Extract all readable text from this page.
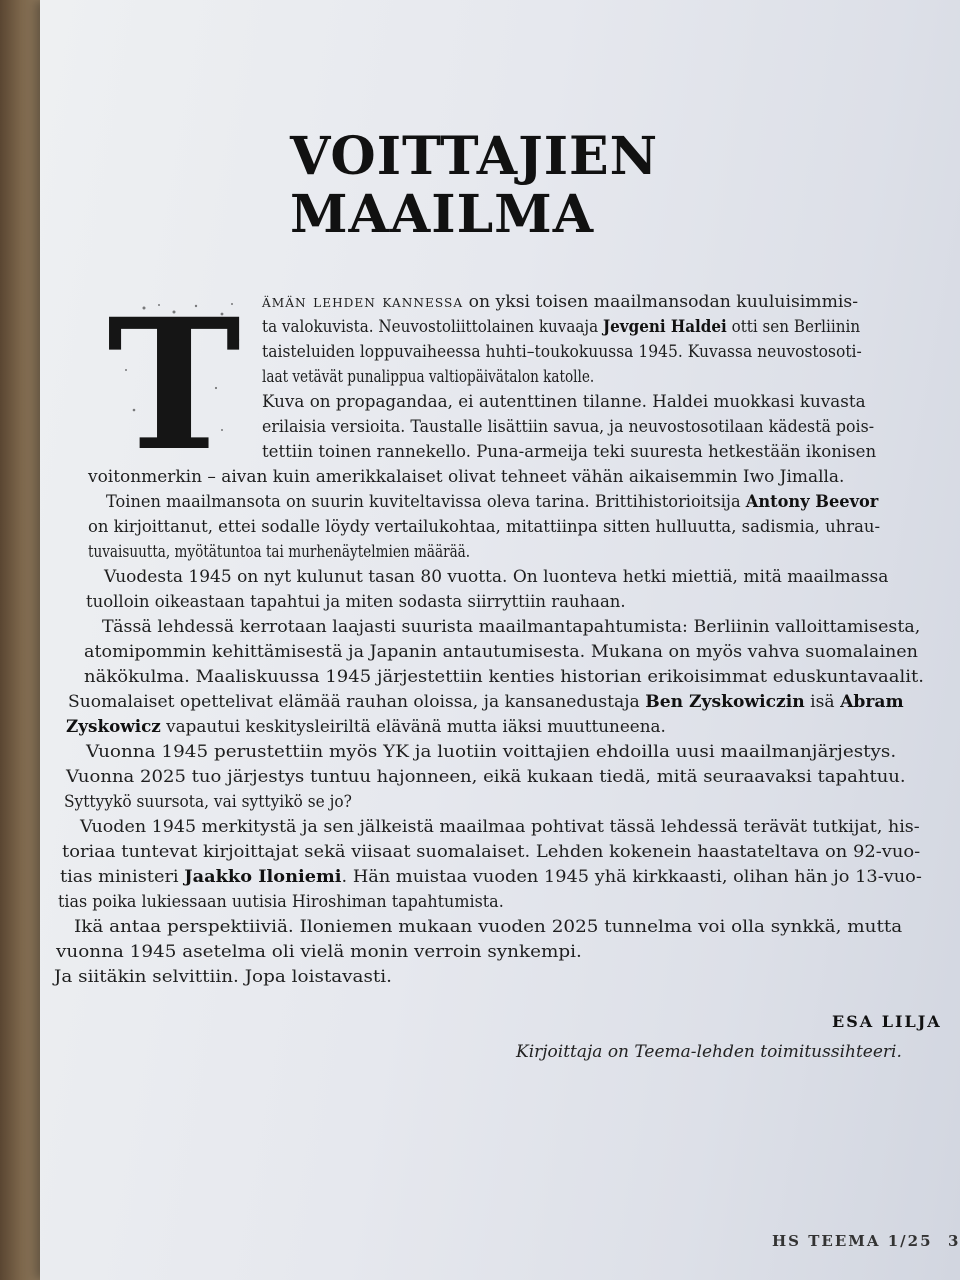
VOITTAJIEN
MAAILMA
T ämän lehden kannessa on yksi toisen maailmansodan kuuluisimmis-
ta valokuvista. Neuvostoliittolainen kuvaaja Jevgeni Haldei otti sen Berliinin
taisteluiden loppuvaiheessa huhti–toukokuussa 1945. Kuvassa neuvostosoti-
laat vetävät punalippua valtiopäivätalon katolle.
Kuva on propagandaa, ei autenttinen tilanne. Haldei muokkasi kuvasta
erilaisia versioita. Taustalle lisättiin savua, ja neuvostosotilaan kädestä pois-
tettiin toinen rannekello. Puna-armeija teki suuresta hetkestään ikonisen
voitonmerkin – aivan kuin amerikkalaiset olivat tehneet vähän aikaisemmin Iwo Jimalla.
Toinen maailmansota on suurin kuviteltavissa oleva tarina. Brittihistorioitsija Antony Beevor
on kirjoittanut, ettei sodalle löydy vertailukohtaa, mitattiinpa sitten hulluutta, sadismia, uhrau-
tuvaisuutta, myötätuntoa tai murhenäytelmien määrää.
Vuodesta 1945 on nyt kulunut tasan 80 vuotta. On luonteva hetki miettiä, mitä maailmassa
tuolloin oikeastaan tapahtui ja miten sodasta siirryttiin rauhaan.
Tässä lehdessä kerrotaan laajasti suurista maailmantapahtumista: Berliinin valloittamisesta,
atomipommin kehittämisestä ja Japanin antautumisesta. Mukana on myös vahva suomalainen
näkökulma. Maaliskuussa 1945 järjestettiin kenties historian erikoisimmat eduskuntavaalit.
Suomalaiset opettelivat elämää rauhan oloissa, ja kansanedustaja Ben Zyskowiczin isä Abram
Zyskowicz vapautui keskitysleiriltä elävänä mutta iäksi muuttuneena.
Vuonna 1945 perustettiin myös YK ja luotiin voittajien ehdoilla uusi maailmanjärjestys.
Vuonna 2025 tuo järjestys tuntuu hajonneen, eikä kukaan tiedä, mitä seuraavaksi tapahtuu.
Syttyykö suursota, vai syttyikö se jo?
Vuoden 1945 merkitystä ja sen jälkeistä maailmaa pohtivat tässä lehdessä terävät tutkijat, his-
toriaa tuntevat kirjoittajat sekä viisaat suomalaiset. Lehden kokenein haastateltava on 92-vuo-
tias ministeri Jaakko Iloniemi. Hän muistaa vuoden 1945 yhä kirkkaasti, olihan hän jo 13-vuo-
tias poika lukiessaan uutisia Hiroshiman tapahtumista.
Ikä antaa perspektiiviä. Iloniemen mukaan vuoden 2025 tunnelma voi olla synkkä, mutta
vuonna 1945 asetelma oli vielä monin verroin synkempi.
Ja siitäkin selvittiin. Jopa loistavasti.
ESA LILJA
Kirjoittaja on Teema-lehden toimitussihteeri.
HS TEEMA 1/25 3
